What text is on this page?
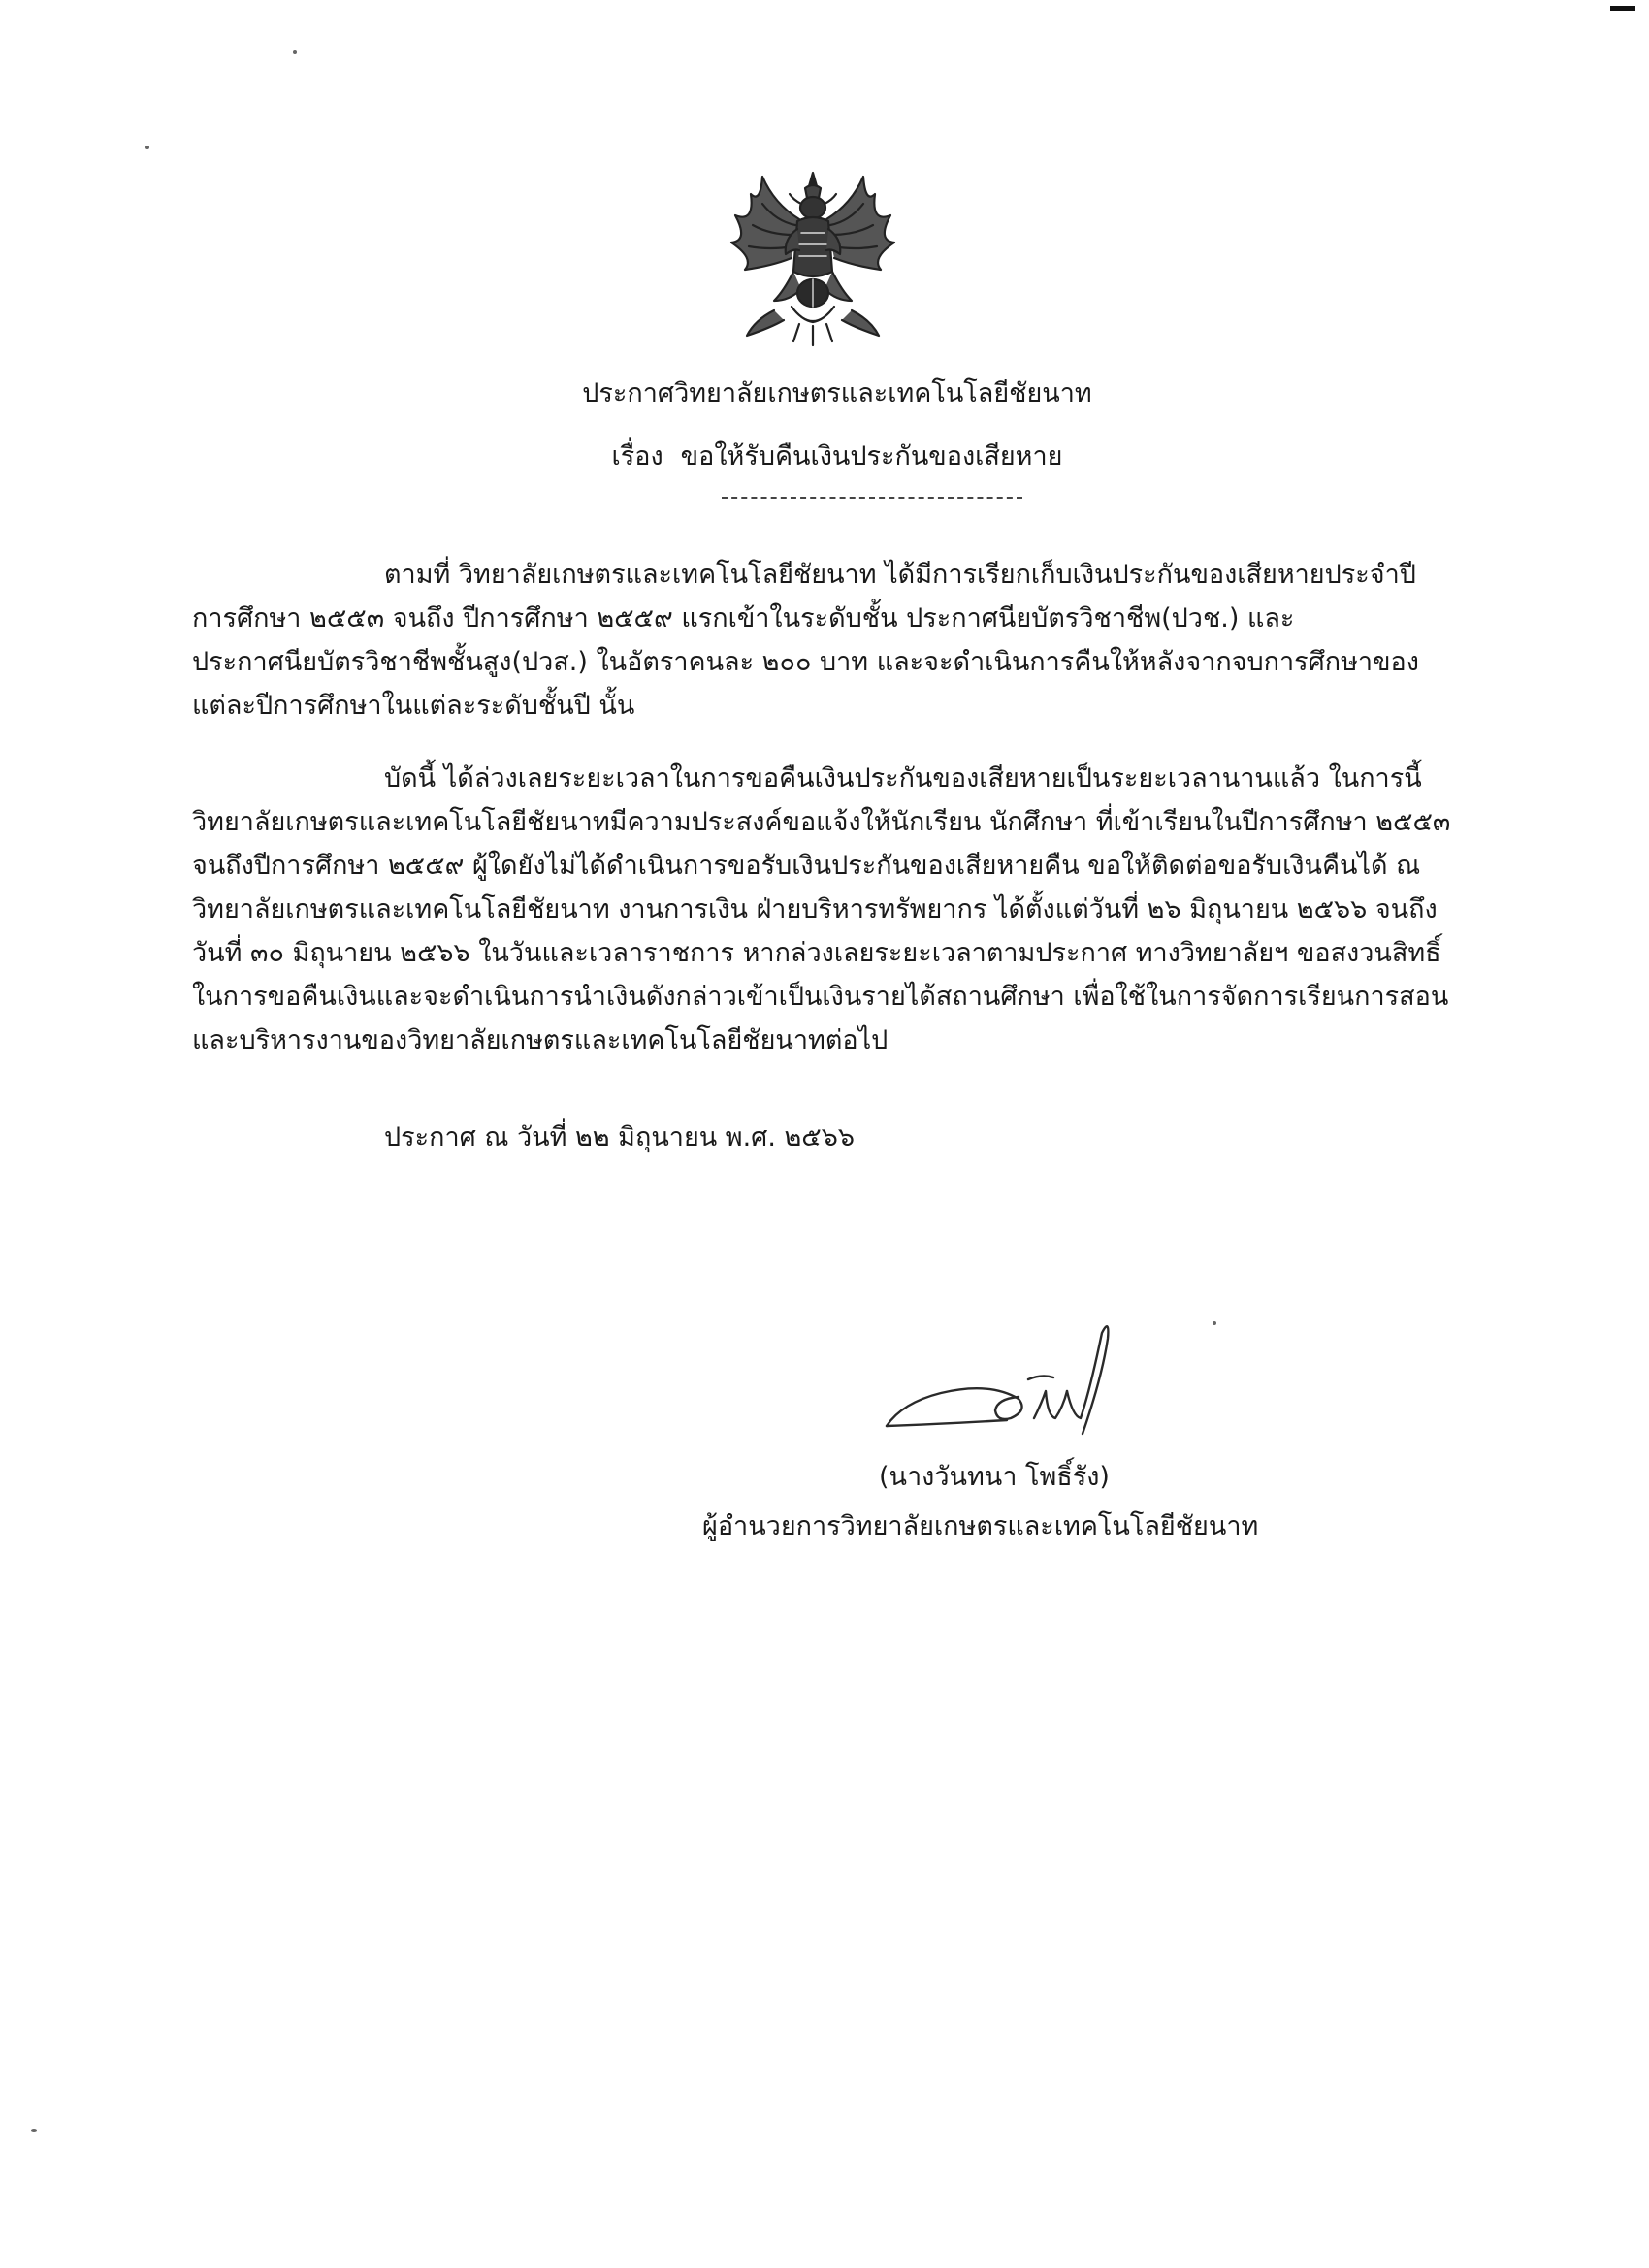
ประกาศวิทยาลัยเกษตรและเทคโนโลยีชัยนาท
เรื่อง ขอให้รับคืนเงินประกันของเสียหาย
ตามที่ วิทยาลัยเกษตรและเทคโนโลยีชัยนาท ได้มีการเรียกเก็บเงินประกันของเสียหายประจำปี
การศึกษา ๒๕๕๓ จนถึง ปีการศึกษา ๒๕๕๙ แรกเข้าในระดับชั้น ประกาศนียบัตรวิชาชีพ(ปวช.) และ
ประกาศนียบัตรวิชาชีพชั้นสูง(ปวส.) ในอัตราคนละ ๒๐๐ บาท และจะดำเนินการคืนให้หลังจากจบการศึกษาของ
แต่ละปีการศึกษาในแต่ละระดับชั้นปี นั้น
บัดนี้ ได้ล่วงเลยระยะเวลาในการขอคืนเงินประกันของเสียหายเป็นระยะเวลานานแล้ว ในการนี้
วิทยาลัยเกษตรและเทคโนโลยีชัยนาทมีความประสงค์ขอแจ้งให้นักเรียน นักศึกษา ที่เข้าเรียนในปีการศึกษา ๒๕๕๓
จนถึงปีการศึกษา ๒๕๕๙ ผู้ใดยังไม่ได้ดำเนินการขอรับเงินประกันของเสียหายคืน ขอให้ติดต่อขอรับเงินคืนได้ ณ
วิทยาลัยเกษตรและเทคโนโลยีชัยนาท งานการเงิน ฝ่ายบริหารทรัพยากร ได้ตั้งแต่วันที่ ๒๖ มิถุนายน ๒๕๖๖ จนถึง
วันที่ ๓๐ มิถุนายน ๒๕๖๖ ในวันและเวลาราชการ หากล่วงเลยระยะเวลาตามประกาศ ทางวิทยาลัยฯ ขอสงวนสิทธิ์
ในการขอคืนเงินและจะดำเนินการนำเงินดังกล่าวเข้าเป็นเงินรายได้สถานศึกษา เพื่อใช้ในการจัดการเรียนการสอน
และบริหารงานของวิทยาลัยเกษตรและเทคโนโลยีชัยนาทต่อไป
ประกาศ ณ วันที่ ๒๒ มิถุนายน พ.ศ. ๒๕๖๖
(นางวันทนา โพธิ์รัง)
ผู้อำนวยการวิทยาลัยเกษตรและเทคโนโลยีชัยนาท
